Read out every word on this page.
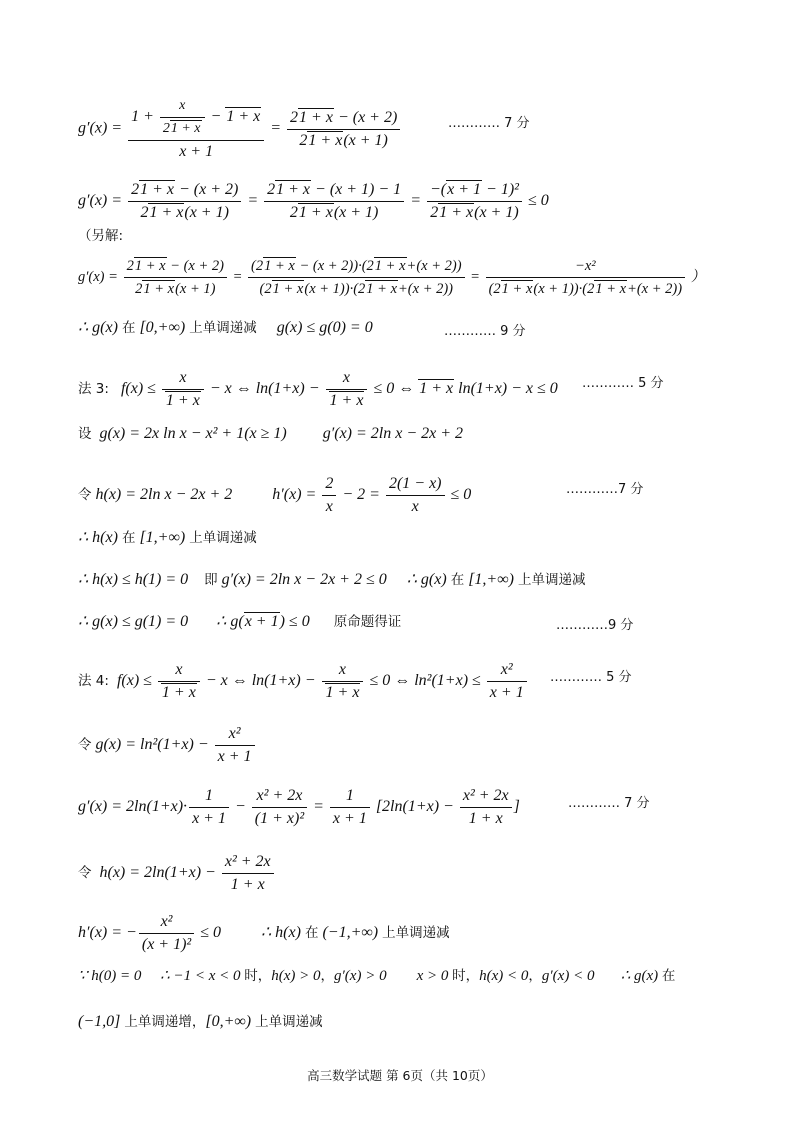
$g'(x) = \frac{1 + \frac{x}{21 + x} - 1 + x}{x + 1} = \frac{21 + x - (x + 2)}{21 + x(x + 1)}$	………… 7 分
$g'(x) = \frac{21 + x - (x + 2)}{21 + x(x + 1)} = \frac{21 + x - (x + 1) - 1}{21 + x(x + 1)} = \frac{\text{−(x + 1 − 1)²}}{21 + x(x + 1)} \le 0$
（另解:
$g'(x) = \frac{21 + x - (x + 2)}{21 + x(x + 1)} = \frac{(21 + x - (x + 2))\cdot(21 + x+(x + 2))}{(21 + x(x + 1))\cdot(21 + x+(x + 2))} = \frac{\text{−x²}}{(21 + x(x + 1))\cdot(21 + x+(x + 2))}$ ）
∴ g(x) 在 [0,+∞) 上单调递减     g(x) ≤ g(0) = 0	………… 9 分
法 3:   $f(x) \le \frac{x}{1 + x} - x$ ⇔ $\ln(1+x) - \frac{x}{1 + x} \le 0$ ⇔ 1 + x ln(1+x) − x ≤ 0	………… 5 分
设  g(x) = 2x ln x − x² + 1(x ≥ 1)         g′(x) = 2ln x − 2x + 2
令 h(x) = 2ln x − 2x + 2          $h'(x) = \frac{2}{x} - 2 = \frac{2(1 - x)}{x} \le 0$	…………7 分
∴ h(x) 在 [1,+∞) 上单调递减
∴ h(x) ≤ h(1) = 0    即 g′(x) = 2ln x − 2x + 2 ≤ 0     ∴ g(x) 在 [1,+∞) 上单调递减
∴ g(x) ≤ g(1) = 0       ∴ g(x + 1) ≤ 0      原命题得证	…………9 分
法 4:  $f(x) \le \frac{x}{1 + x} - x$ ⇔ $\ln(1+x) - \frac{x}{1 + x} \le 0$ ⇔ $\ln^2(1+x) \le \frac{\text{x²}}{x + 1}$ ………… 5 分
令 $g(x) = \ln^2(1+x) - \frac{\text{x²}}{x + 1}$
$g'(x) = 2\ln(1+x)\cdot \frac{1}{x + 1} - \frac{\text{x² + 2x}}{\text{(1 + x)²}} = \frac{1}{x + 1} [2\ln(1+x) - \frac{\text{x² + 2x}}{1 + x}$ ]	………… 7 分
令  $h(x) = 2\ln(1+x) - \frac{\text{x² + 2x}}{1 + x}$
h′(x) = − $\frac{\text{x²}}{\text{(x + 1)²}} \le 0$          ∴ h(x) 在 (−1,+∞) 上单调递减
∵ h(0) = 0     ∴ −1 < x < 0 时，h(x) > 0，g′(x) > 0        x > 0 时，h(x) < 0，g′(x) < 0       ∴ g(x) 在
(−1,0] 上单调递增，[0,+∞) 上单调递减
高三数学试题 第 6页（共 10页）
